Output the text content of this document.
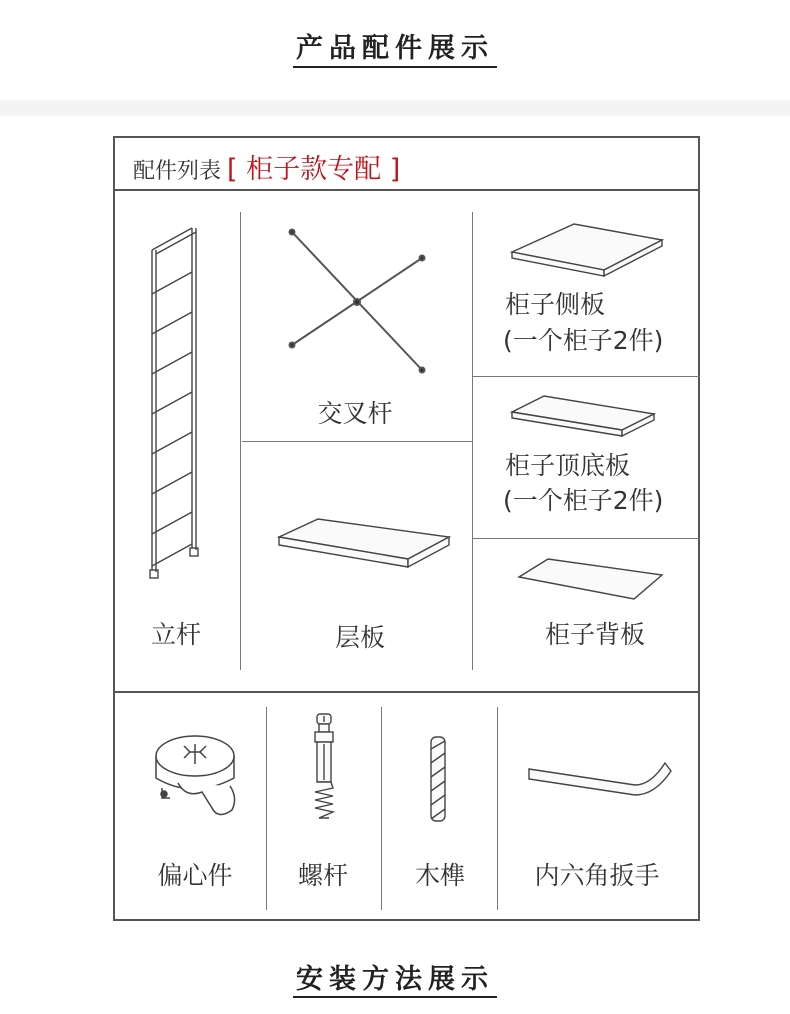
产品配件展示
配件列表 [ 柜子款专配 ]
立杆
交叉杆
层板
柜子侧板
(一个柜子2件)
柜子顶底板
(一个柜子2件)
柜子背板
偏心件	螺杆	木榫	内六角扳手
安装方法展示
